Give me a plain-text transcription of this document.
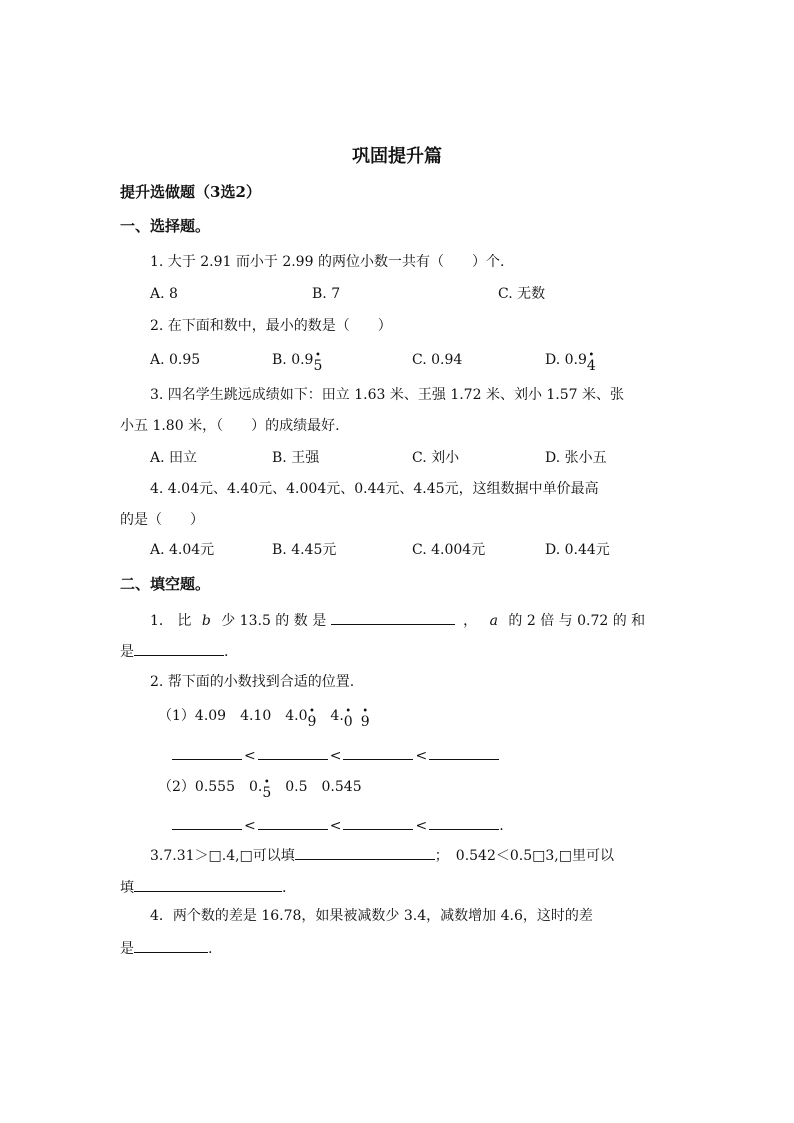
巩固提升篇
提升选做题（3选2）
一、选择题。
1. 大于 2.91 而小于 2.99 的两位小数一共有（　　）个.
A. 8	B. 7	C. 无数
2. 在下面和数中，最小的数是（　　）
A. 0.95	B. 0.9• 5	C. 0.94	D. 0.9• 4
3. 四名学生跳远成绩如下：田立 1.63 米、王强 1.72 米、刘小 1.57 米、张
小五 1.80 米，（　　）的成绩最好.
A. 田立	B. 王强	C. 刘小	D. 张小五
4. 4.04元、4.40元、4.004元、0.44元、4.45元，这组数据中单价最高
的是（　　）
A. 4.04元	B. 4.45元	C. 4.004元	D. 0.44元
二、填空题。
1． 比 b 少 13.5 的 数 是	， a 的 2 倍 与 0.72 的 和
是	.
2. 帮下面的小数找到合适的位置.
（1）4.09　4.10　4.0• 9　4.• 0• 9
<	<	<
（2）0.555　0.• 5　0.5　0.545
<	<	<	.
3.7.31＞□.4,□可以填	；　0.542＜0.5□3,□里可以
填	.
4．两个数的差是 16.78，如果被减数少 3.4，减数增加 4.6，这时的差
是	.
